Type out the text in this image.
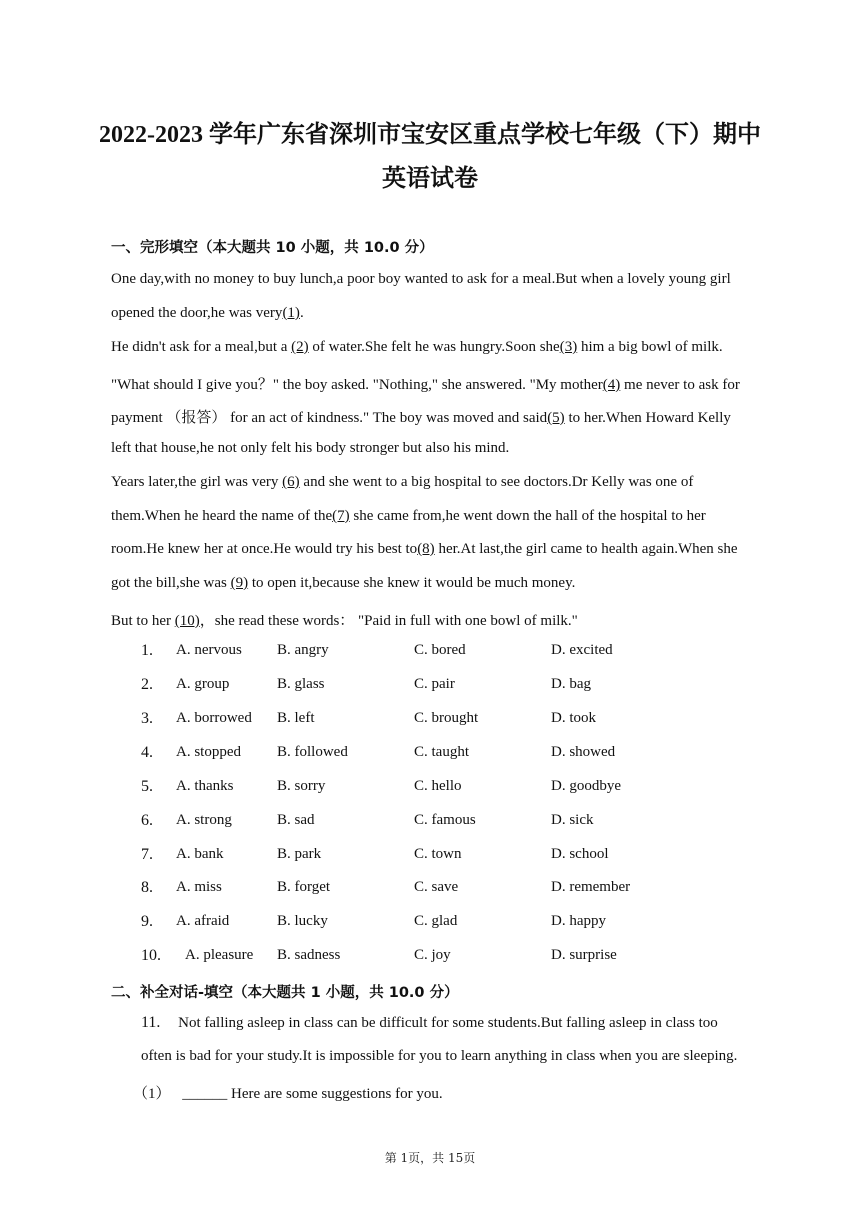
2022-2023 学年广东省深圳市宝安区重点学校七年级（下）期中
英语试卷
一、完形填空（本大题共 10 小题，共 10.0 分）
One day,with no money to buy lunch,a poor boy wanted to ask for a meal.But when a lovely young girl
opened the door,he was very(1).
He didn't ask for a meal,but a (2) of water.She felt he was hungry.Soon she(3) him a big bowl of milk.
"What should I give you？" the boy asked. "Nothing," she answered. "My mother(4) me never to ask for
payment （报答） for an act of kindness." The boy was moved and said(5) to her.When Howard Kelly
left that house,he not only felt his body stronger but also his mind.
Years later,the girl was very (6) and she went to a big hospital to see doctors.Dr Kelly was one of
them.When he heard the name of the(7) she came from,he went down the hall of the hospital to her
room.He knew her at once.He would try his best to(8) her.At last,the girl came to health again.When she
got the bill,she was (9) to open it,because she knew it would be much money.
But to her (10)，she read these words： "Paid in full with one bowl of milk."
1. A. nervous B. angry	C. bored	D. excited
2. A. group	B. glass	C. pair	D. bag
3. A. borrowed B. left	C. brought	D. took
4. A. stopped B. followed	C. taught	D. showed
5. A. thanks	B. sorry	C. hello	D. goodbye
6. A. strong	B. sad	C. famous	D. sick
7. A. bank	B. park	C. town	D. school
8. A. miss	B. forget	C. save	D. remember
9. A. afraid	B. lucky	C. glad	D. happy
10. A. pleasure B. sadness	C. joy	D. surprise
二、补全对话-填空（本大题共 1 小题，共 10.0 分）
11. Not falling asleep in class can be difficult for some students.But falling asleep in class too
often is bad for your study.It is impossible for you to learn anything in class when you are sleeping.
（1） ______ Here are some suggestions for you.
第 1页，共 15页
